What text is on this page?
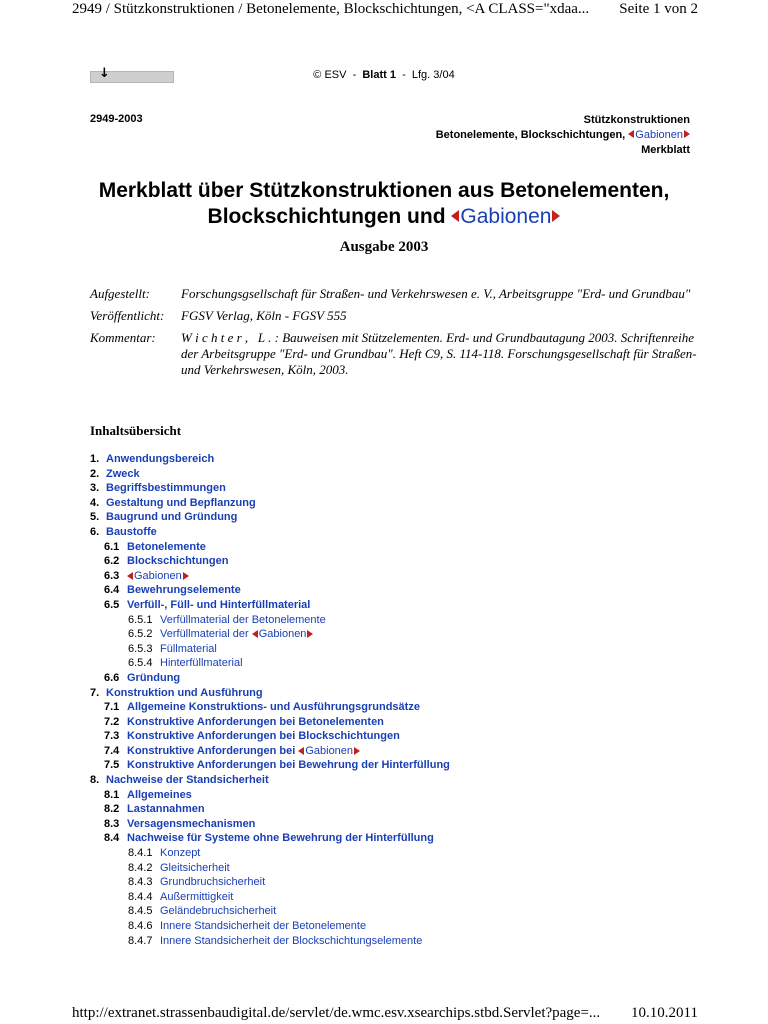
2949 / Stützkonstruktionen / Betonelemente, Blockschichtungen, <A CLASS="xdaa... Seite 1 von 2
↓	© ESV  -  Blatt 1  -  Lfg. 3/04
2949-2003	Stützkonstruktionen
Betonelemente, Blockschichtungen, Gabionen
Merkblatt
Merkblatt über Stützkonstruktionen aus Betonelementen,
Blockschichtungen und Gabionen
Ausgabe 2003
Aufgestellt:	Forschungsgsellschaft für Straßen- und Verkehrswesen e. V., Arbeitsgruppe "Erd- und Grundbau"
Veröffentlicht:	FGSV Verlag, Köln - FGSV 555
Kommentar:	W i c h t e r ,   L . : Bauweisen mit Stützelementen. Erd- und Grundbautagung 2003. Schriftenreihe der Arbeitsgruppe "Erd- und Grundbau". Heft C9, S. 114-118. Forschungsgesellschaft für Straßen- und Verkehrswesen, Köln, 2003.
Inhaltsübersicht
1. Anwendungsbereich
2. Zweck
3. Begriffsbestimmungen
4. Gestaltung und Bepflanzung
5. Baugrund und Gründung
6. Baustoffe
6.1 Betonelemente
6.2 Blockschichtungen
6.3 Gabionen
6.4 Bewehrungselemente
6.5 Verfüll-, Füll- und Hinterfüllmaterial
6.5.1 Verfüllmaterial der Betonelemente
6.5.2 Verfüllmaterial der Gabionen
6.5.3 Füllmaterial
6.5.4 Hinterfüllmaterial
6.6 Gründung
7. Konstruktion und Ausführung
7.1 Allgemeine Konstruktions- und Ausführungsgrundsätze
7.2 Konstruktive Anforderungen bei Betonelementen
7.3 Konstruktive Anforderungen bei Blockschichtungen
7.4 Konstruktive Anforderungen bei Gabionen
7.5 Konstruktive Anforderungen bei Bewehrung der Hinterfüllung
8. Nachweise der Standsicherheit
8.1 Allgemeines
8.2 Lastannahmen
8.3 Versagensmechanismen
8.4 Nachweise für Systeme ohne Bewehrung der Hinterfüllung
8.4.1 Konzept
8.4.2 Gleitsicherheit
8.4.3 Grundbruchsicherheit
8.4.4 Außermittigkeit
8.4.5 Geländebruchsicherheit
8.4.6 Innere Standsicherheit der Betonelemente
8.4.7 Innere Standsicherheit der Blockschichtungselemente
http://extranet.strassenbaudigital.de/servlet/de.wmc.esv.xsearchips.stbd.Servlet?page=... 10.10.2011
